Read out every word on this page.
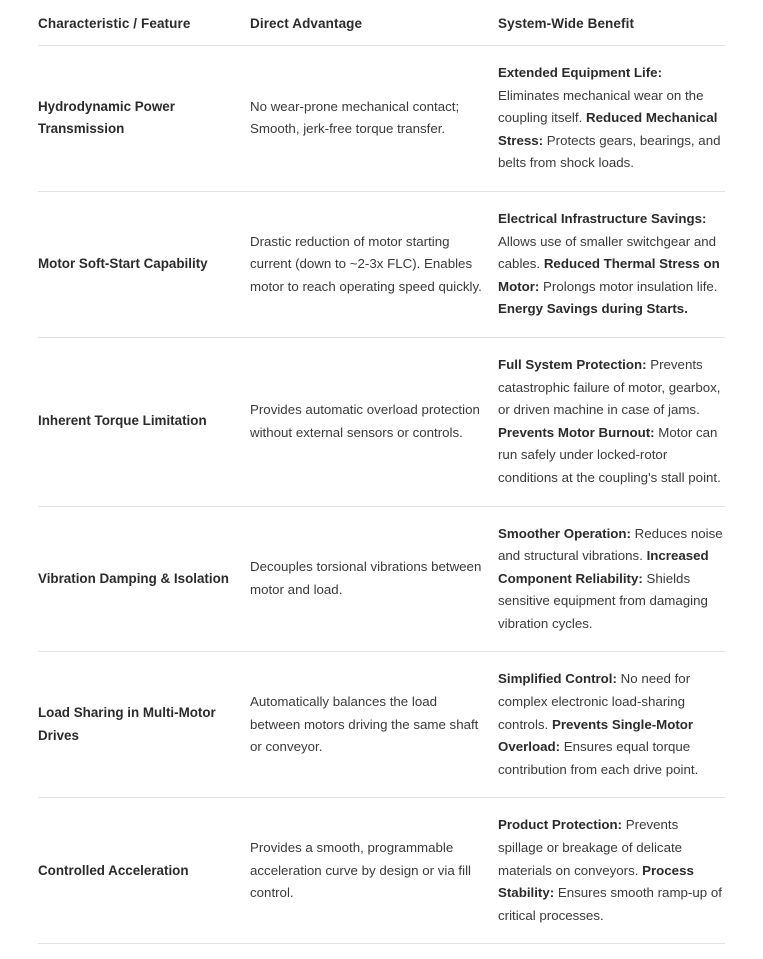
Characteristic / Feature	Direct Advantage	System-Wide Benefit
Hydrodynamic Power Transmission	No wear-prone mechanical contact; Smooth, jerk-free torque transfer.	Extended Equipment Life: Eliminates mechanical wear on the coupling itself. Reduced Mechanical Stress: Protects gears, bearings, and belts from shock loads.
Motor Soft-Start Capability	Drastic reduction of motor starting current (down to ~2-3x FLC). Enables motor to reach operating speed quickly.	Electrical Infrastructure Savings: Allows use of smaller switchgear and cables. Reduced Thermal Stress on Motor: Prolongs motor insulation life. Energy Savings during Starts.
Inherent Torque Limitation	Provides automatic overload protection without external sensors or controls.	Full System Protection: Prevents catastrophic failure of motor, gearbox, or driven machine in case of jams. Prevents Motor Burnout: Motor can run safely under locked-rotor conditions at the coupling's stall point.
Vibration Damping & Isolation	Decouples torsional vibrations between motor and load.	Smoother Operation: Reduces noise and structural vibrations. Increased Component Reliability: Shields sensitive equipment from damaging vibration cycles.
Load Sharing in Multi-Motor Drives	Automatically balances the load between motors driving the same shaft or conveyor.	Simplified Control: No need for complex electronic load-sharing controls. Prevents Single-Motor Overload: Ensures equal torque contribution from each drive point.
Controlled Acceleration	Provides a smooth, programmable acceleration curve by design or via fill control.	Product Protection: Prevents spillage or breakage of delicate materials on conveyors. Process Stability: Ensures smooth ramp-up of critical processes.
